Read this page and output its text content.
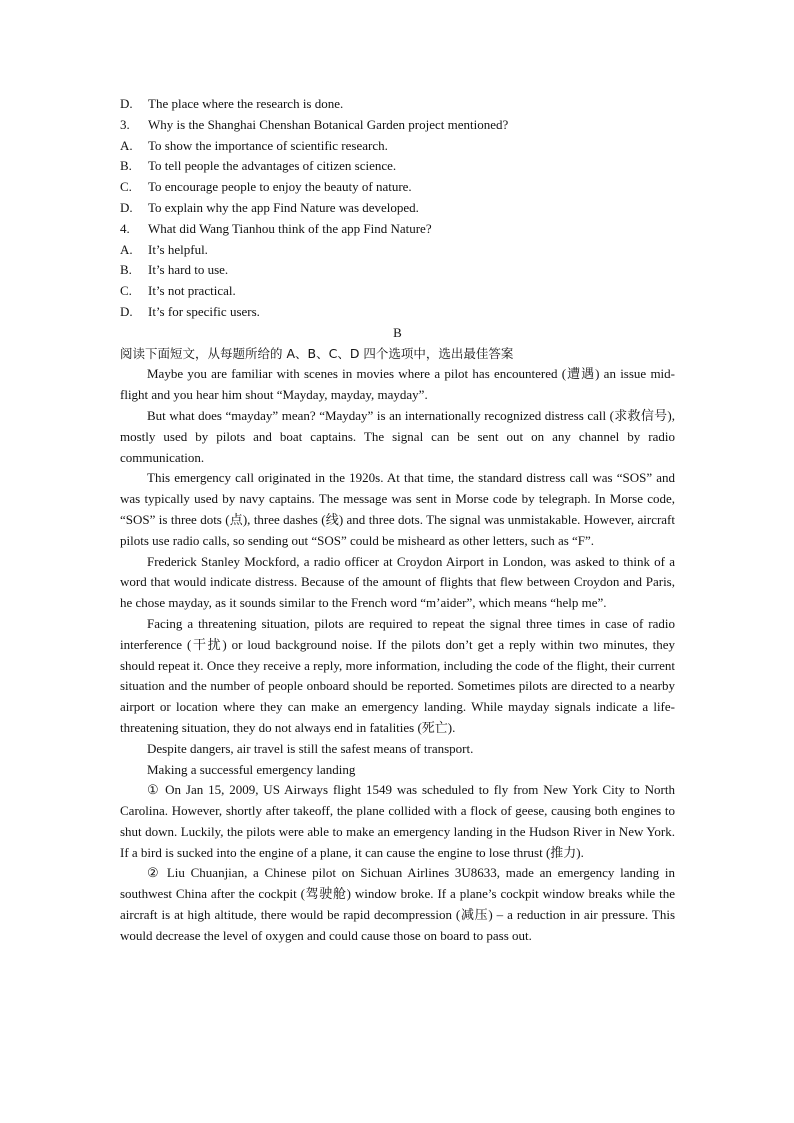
D.	The place where the research is done.
3.	Why is the Shanghai Chenshan Botanical Garden project mentioned?
A.	To show the importance of scientific research.
B.	To tell people the advantages of citizen science.
C.	To encourage people to enjoy the beauty of nature.
D.	To explain why the app Find Nature was developed.
4.	What did Wang Tianhou think of the app Find Nature?
A.	It’s helpful.
B.	It’s hard to use.
C.	It’s not practical.
D.	It’s for specific users.
B
阅读下面短文，从每题所给的 A、B、C、D 四个选项中，选出最佳答案

Maybe you are familiar with scenes in movies where a pilot has encountered (遭遇) an issue mid-flight and you hear him shout “Mayday, mayday, mayday”.

But what does “mayday” mean? “Mayday” is an internationally recognized distress call (求救信号), mostly used by pilots and boat captains. The signal can be sent out on any channel by radio communication.

This emergency call originated in the 1920s. At that time, the standard distress call was “SOS” and was typically used by navy captains. The message was sent in Morse code by telegraph. In Morse code, “SOS” is three dots (点), three dashes (线) and three dots. The signal was unmistakable. However, aircraft pilots use radio calls, so sending out “SOS” could be misheard as other letters, such as “F”.

Frederick Stanley Mockford, a radio officer at Croydon Airport in London, was asked to think of a word that would indicate distress. Because of the amount of flights that flew between Croydon and Paris, he chose mayday, as it sounds similar to the French word “m’aider”, which means “help me”.

Facing a threatening situation, pilots are required to repeat the signal three times in case of radio interference (干扰) or loud background noise. If the pilots don’t get a reply within two minutes, they should repeat it. Once they receive a reply, more information, including the code of the flight, their current situation and the number of people onboard should be reported. Sometimes pilots are directed to a nearby airport or location where they can make an emergency landing. While mayday signals indicate a life-threatening situation, they do not always end in fatalities (死亡).

Despite dangers, air travel is still the safest means of transport.

Making a successful emergency landing

① On Jan 15, 2009, US Airways flight 1549 was scheduled to fly from New York City to North Carolina. However, shortly after takeoff, the plane collided with a flock of geese, causing both engines to shut down. Luckily, the pilots were able to make an emergency landing in the Hudson River in New York. If a bird is sucked into the engine of a plane, it can cause the engine to lose thrust (推力).

② Liu Chuanjian, a Chinese pilot on Sichuan Airlines 3U8633, made an emergency landing in southwest China after the cockpit (驾驶舱) window broke. If a plane’s cockpit window breaks while the aircraft is at high altitude, there would be rapid decompression (减压) – a reduction in air pressure. This would decrease the level of oxygen and could cause those on board to pass out.
